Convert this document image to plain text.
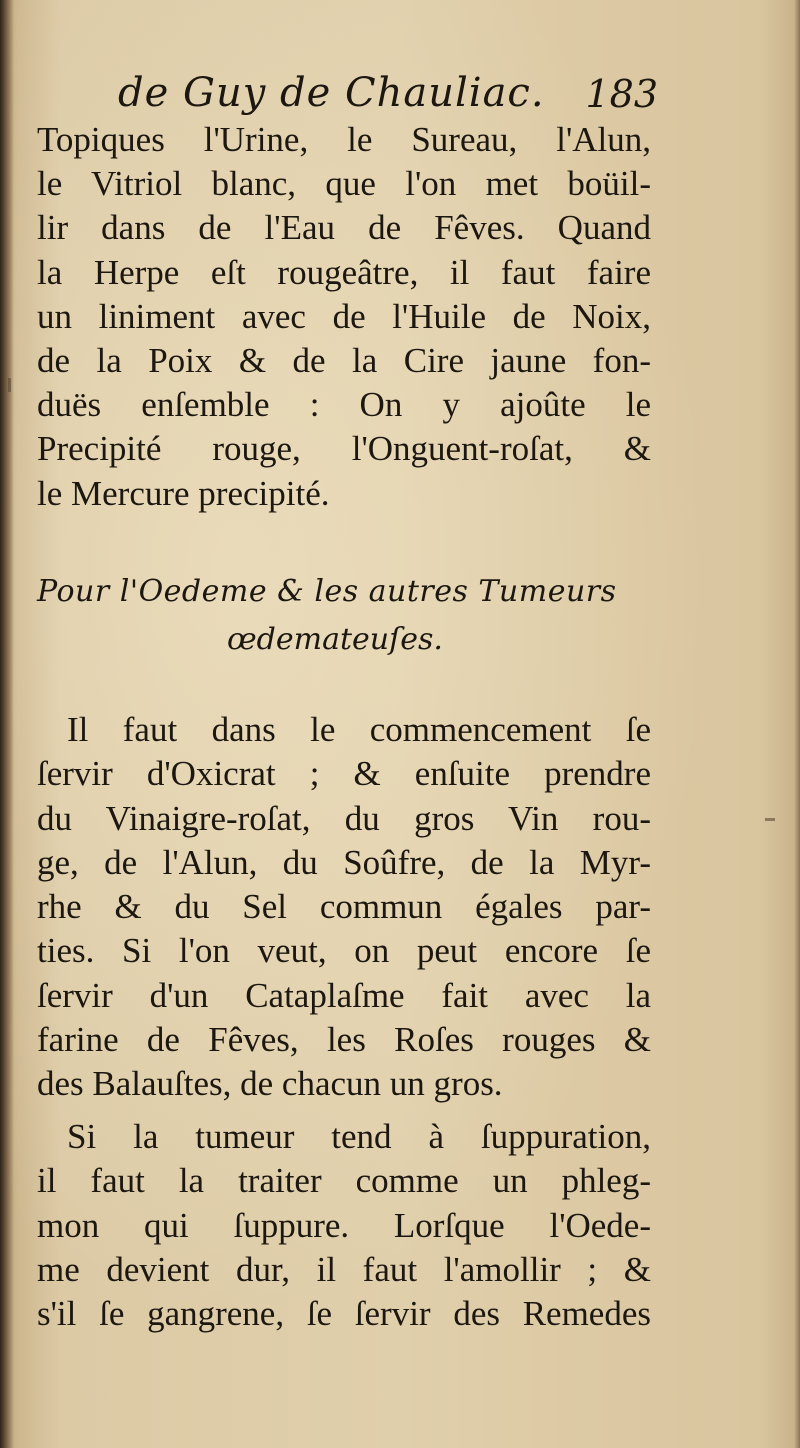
de Guy de Chauliac. 183
Topiques l'Urine, le Sureau, l'Alun,
le Vitriol blanc, que l'on met boüil-
lir dans de l'Eau de Fêves. Quand
la Herpe eſt rougeâtre, il faut faire
un liniment avec de l'Huile de Noix,
de la Poix & de la Cire jaune fon-
duës enſemble : On y ajoûte le
Precipité rouge, l'Onguent-roſat, &
le Mercure precipité.
Pour l'Oedeme & les autres Tumeurs
œdemateuſes.
Il faut dans le commencement ſe
ſervir d'Oxicrat ; & enſuite prendre
du Vinaigre-roſat, du gros Vin rou-
ge, de l'Alun, du Soûfre, de la Myr-
rhe & du Sel commun égales par-
ties. Si l'on veut, on peut encore ſe
ſervir d'un Cataplaſme fait avec la
farine de Fêves, les Roſes rouges &
des Balauſtes, de chacun un gros.
Si la tumeur tend à ſuppuration,
il faut la traiter comme un phleg-
mon qui ſuppure. Lorſque l'Oede-
me devient dur, il faut l'amollir ; &
s'il ſe gangrene, ſe ſervir des Remedes
